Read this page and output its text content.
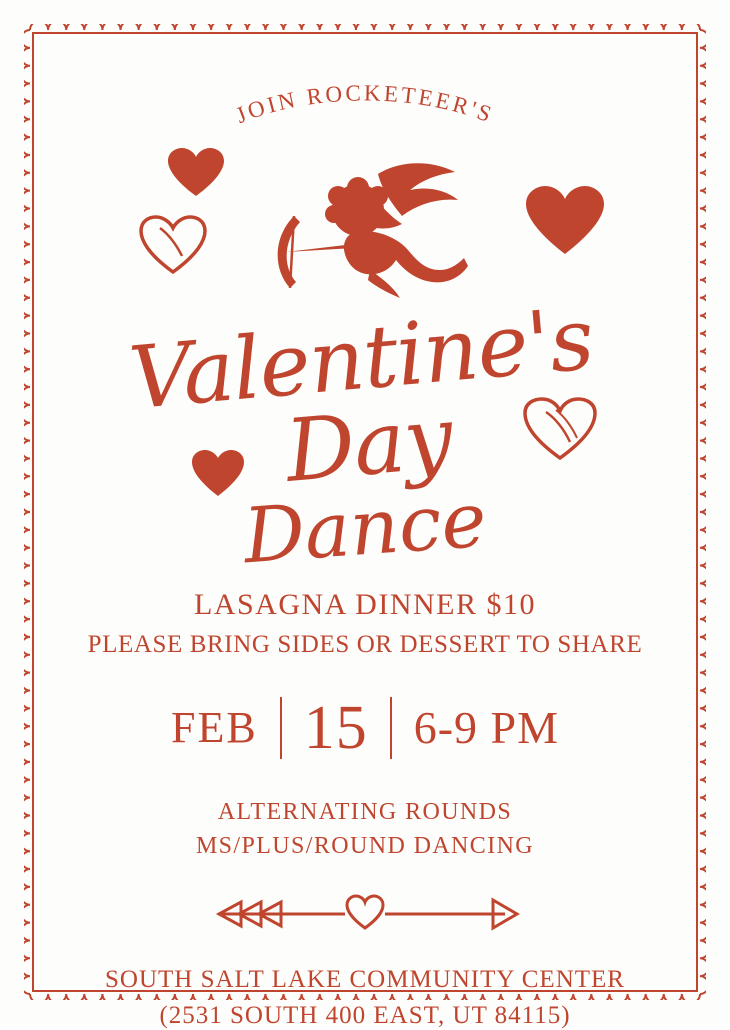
JOIN ROCKETEER'S
Valentine's Day
Dance
LASAGNA DINNER $10
PLEASE BRING SIDES OR DESSERT TO SHARE
FEB 15	6-9 PM
ALTERNATING ROUNDS
MS/PLUS/ROUND DANCING
SOUTH SALT LAKE COMMUNITY CENTER
(2531 SOUTH 400 EAST, UT 84115)
